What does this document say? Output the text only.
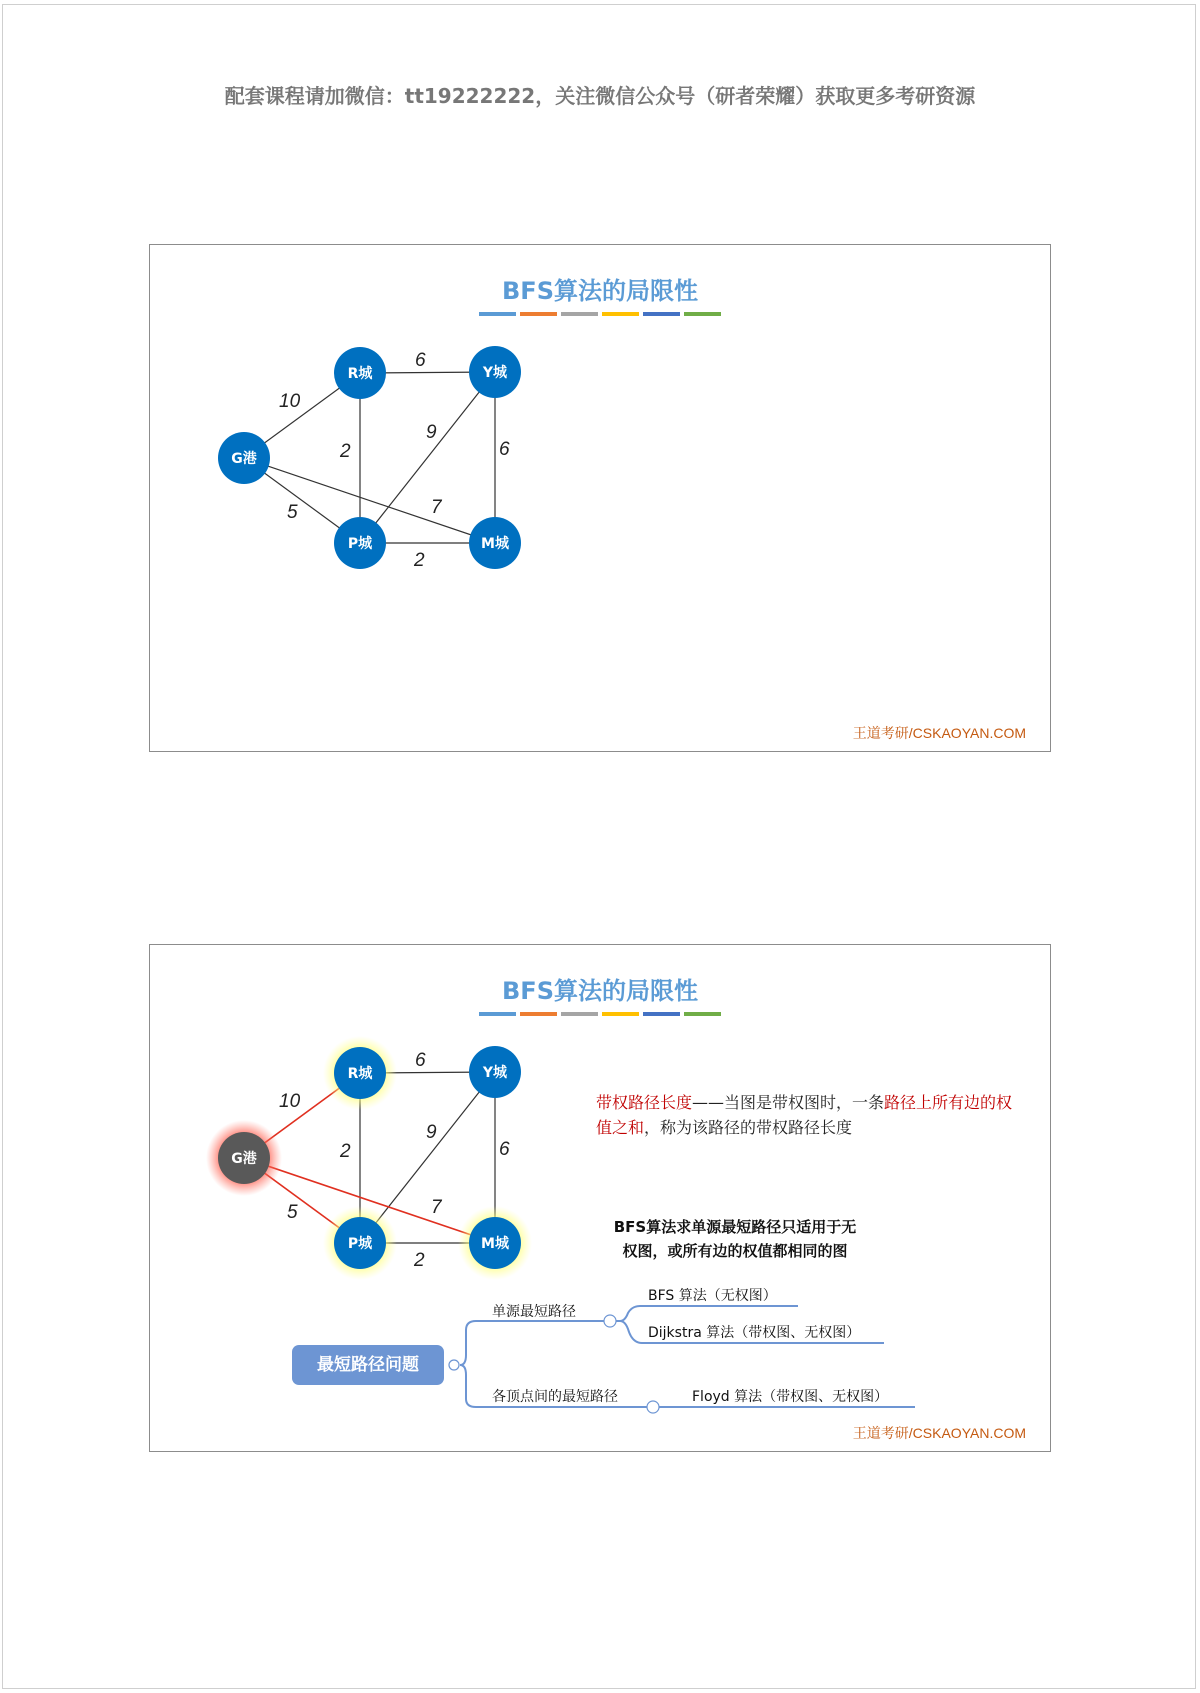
配套课程请加微信：tt19222222，关注微信公众号（研者荣耀）获取更多考研资源
BFS算法的局限性
10
6
2
9
6
7
5
2
G港
R城	Y城
P城	M城
王道考研/CSKAOYAN.COM
BFS算法的局限性
10
6
2
9
6
7
5
2
G港
R城	Y城
P城	M城
带权路径长度——当图是带权图时，一条路径上所有边的权值之和，称为该路径的带权路径长度
BFS算法求单源最短路径只适用于无
权图，或所有边的权值都相同的图
最短路径问题
单源最短路径
BFS 算法（无权图）
Dijkstra 算法（带权图、无权图）
各顶点间的最短路径	Floyd 算法（带权图、无权图）
王道考研/CSKAOYAN.COM
